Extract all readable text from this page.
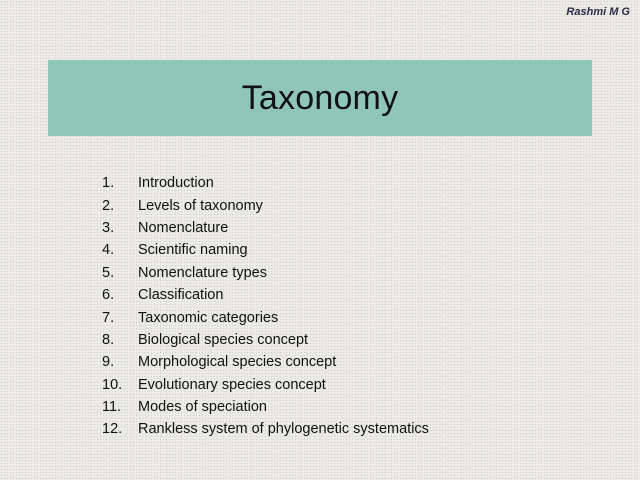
Rashmi M G
Taxonomy
1.	Introduction
2.	Levels of taxonomy
3.	Nomenclature
4.	Scientific naming
5.	Nomenclature types
6.	Classification
7.	Taxonomic categories
8.	Biological species concept
9.	Morphological species concept
10.	Evolutionary species concept
11.	Modes of speciation
12.	Rankless system of phylogenetic systematics
